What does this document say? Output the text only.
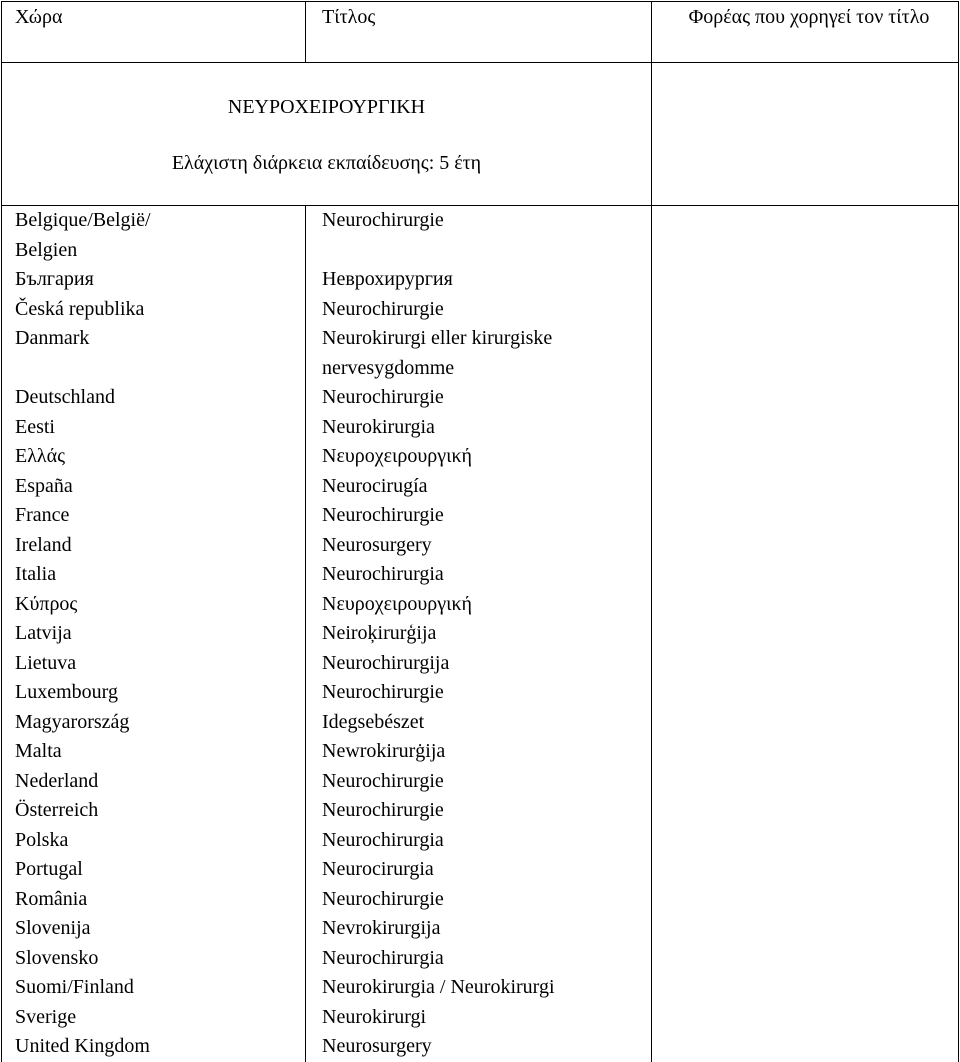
Χώρα	Τίτλος	Φορέας που χορηγεί τον τίτλο

ΝΕΥΡΟΧΕΙΡΟΥΡΓΙΚΗ

Ελάχιστη διάρκεια εκπαίδευσης: 5 έτη		

Belgique/België/
Belgien	Neurochirurgie	
България	Неврохирургия	
Česká republika	Neurochirurgie	
Danmark	Neurokirurgi eller kirurgiske
nervesygdomme	
Deutschland	Neurochirurgie	
Eesti	Neurokirurgia	
Ελλάς	Νευροχειρουργική	
España	Neurocirugía	
France	Neurochirurgie	
Ireland	Neurosurgery	
Italia	Neurochirurgia	
Κύπρος	Νευροχειρουργική	
Latvija	Neiroķirurģija	
Lietuva	Neurochirurgija	
Luxembourg	Neurochirurgie	
Magyarország	Idegsebészet	
Malta	Newrokirurġija	
Nederland	Neurochirurgie	
Österreich	Neurochirurgie	
Polska	Neurochirurgia	
Portugal	Neurocirurgia	
România	Neurochirurgie	
Slovenija	Nevrokirurgija	
Slovensko	Neurochirurgia	
Suomi/Finland	Neurokirurgia / Neurokirurgi	
Sverige	Neurokirurgi	
United Kingdom	Neurosurgery	
